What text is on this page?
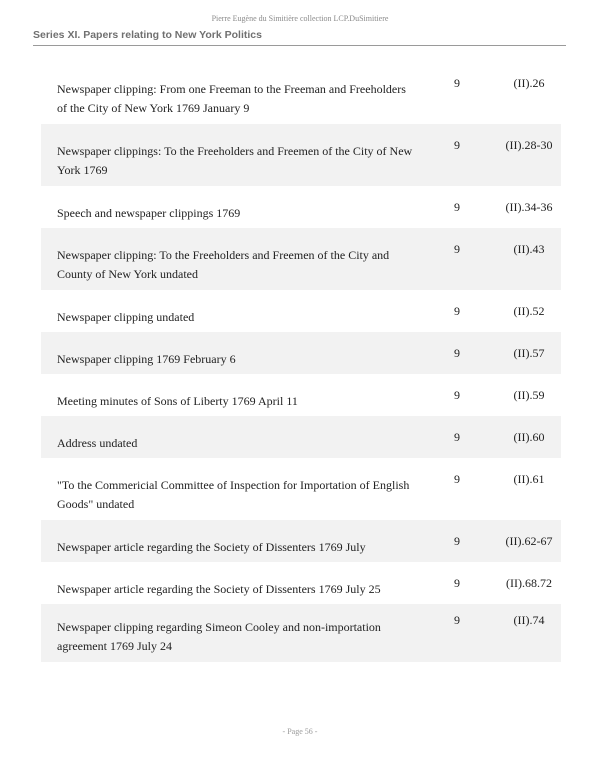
Pierre Eugène du Simitière collection LCP.DuSimitiere
Series XI. Papers relating to New York Politics
Newspaper clipping: From one Freeman to the Freeman and Freeholders of the City of New York 1769 January 9
9	(II).26
Newspaper clippings: To the Freeholders and Freemen of the City of New York 1769
9	(II).28-30
Speech and newspaper clippings 1769	9	(II).34-36
Newspaper clipping: To the Freeholders and Freemen of the City and County of New York undated
9	(II).43
Newspaper clipping undated	9	(II).52
Newspaper clipping 1769 February 6	9	(II).57
Meeting minutes of Sons of Liberty 1769 April 11	9	(II).59
Address undated	9	(II).60
"To the Commericial Committee of Inspection for Importation of English Goods" undated
9	(II).61
Newspaper article regarding the Society of Dissenters 1769 July	9	(II).62-67
Newspaper article regarding the Society of Dissenters 1769 July 25	9	(II).68.72
Newspaper clipping regarding Simeon Cooley and non-importation agreement 1769 July 24
9	(II).74
- Page 56 -
